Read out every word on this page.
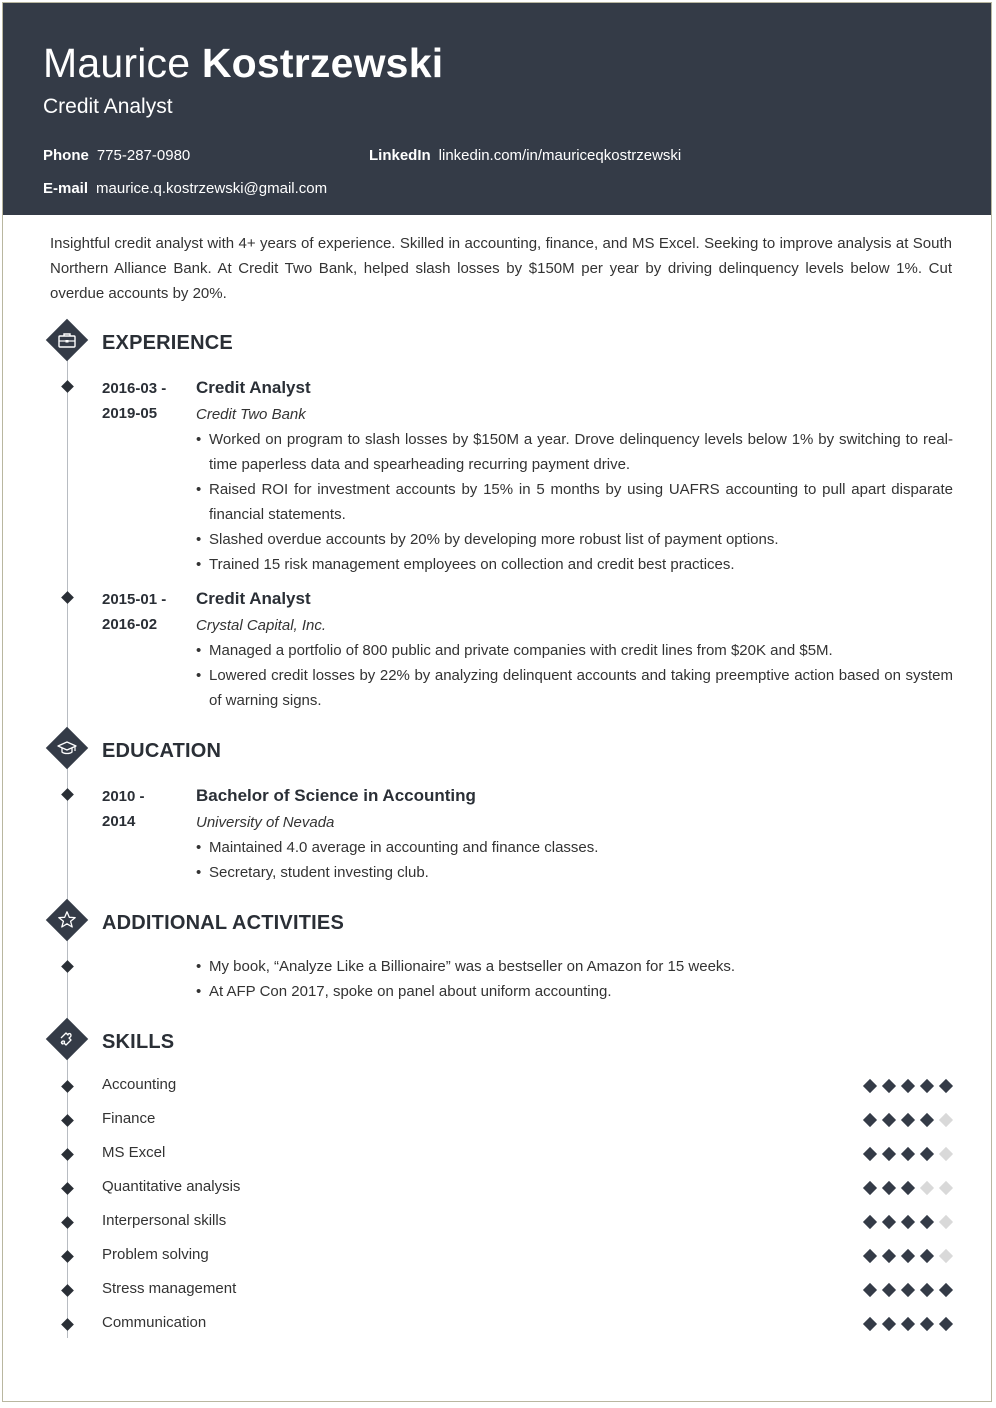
Maurice Kostrzewski
Credit Analyst
Phone 775-287-0980	LinkedIn linkedin.com/in/mauriceqkostrzewski
E-mail maurice.q.kostrzewski@gmail.com
Insightful credit analyst with 4+ years of experience. Skilled in accounting, finance, and MS Excel. Seeking to improve analysis at South Northern Alliance Bank. At Credit Two Bank, helped slash losses by $150M per year by driving delinquency levels below 1%. Cut overdue accounts by 20%.
EXPERIENCE
2016-03 -
2019-05
Credit Analyst
Credit Two Bank
• Worked on program to slash losses by $150M a year. Drove delinquency levels below 1% by switching to real-time paperless data and spearheading recurring payment drive.
• Raised ROI for investment accounts by 15% in 5 months by using UAFRS accounting to pull apart disparate financial statements.
• Slashed overdue accounts by 20% by developing more robust list of payment options.
• Trained 15 risk management employees on collection and credit best practices.
2015-01 -
2016-02
Credit Analyst
Crystal Capital, Inc.
• Managed a portfolio of 800 public and private companies with credit lines from $20K and $5M.
• Lowered credit losses by 22% by analyzing delinquent accounts and taking preemptive action based on system of warning signs.
EDUCATION
2010 -
2014
Bachelor of Science in Accounting
University of Nevada
• Maintained 4.0 average in accounting and finance classes.
• Secretary, student investing club.
ADDITIONAL ACTIVITIES
• My book, “Analyze Like a Billionaire” was a bestseller on Amazon for 15 weeks.
• At AFP Con 2017, spoke on panel about uniform accounting.
SKILLS
Accounting
Finance
MS Excel
Quantitative analysis
Interpersonal skills
Problem solving
Stress management
Communication
